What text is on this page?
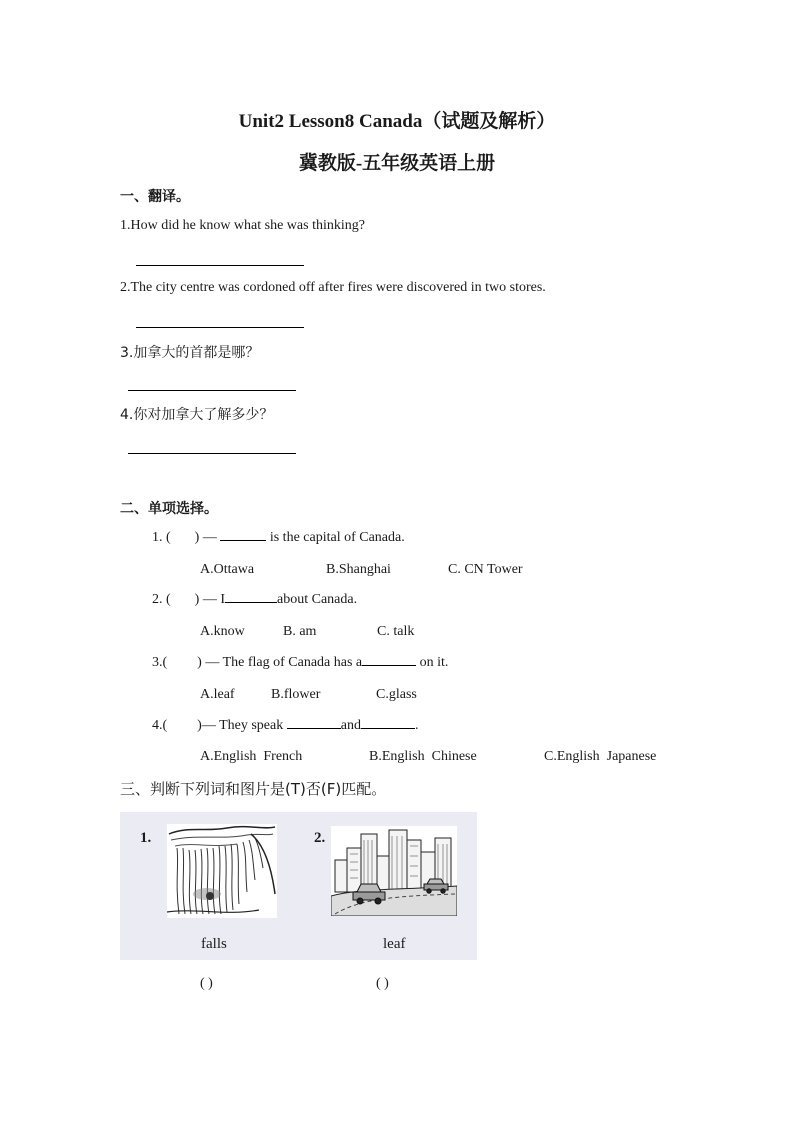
Unit2 Lesson8 Canada（试题及解析）
冀教版-五年级英语上册
一、翻译。
1.How did he know what she was thinking?
2.The city centre was cordoned off after fires were discovered in two stores.
3.加拿大的首都是哪？
4.你对加拿大了解多少？
二、单项选择。
1. ( ) —	is the capital of Canada.
A.Ottawa	B.Shanghai	C. CN Tower
2. ( ) — I	about Canada.
A.know	B. am	C. talk
3.( ) — The flag of Canada has a	on it.
A.leaf	B.flower	C.glass
4.( )— They speak	and	.
A.English  French	B.English  Chinese	C.English  Japanese
三、判断下列词和图片是(T)否(F)匹配。
1.	2.
falls	leaf
( )	( )
